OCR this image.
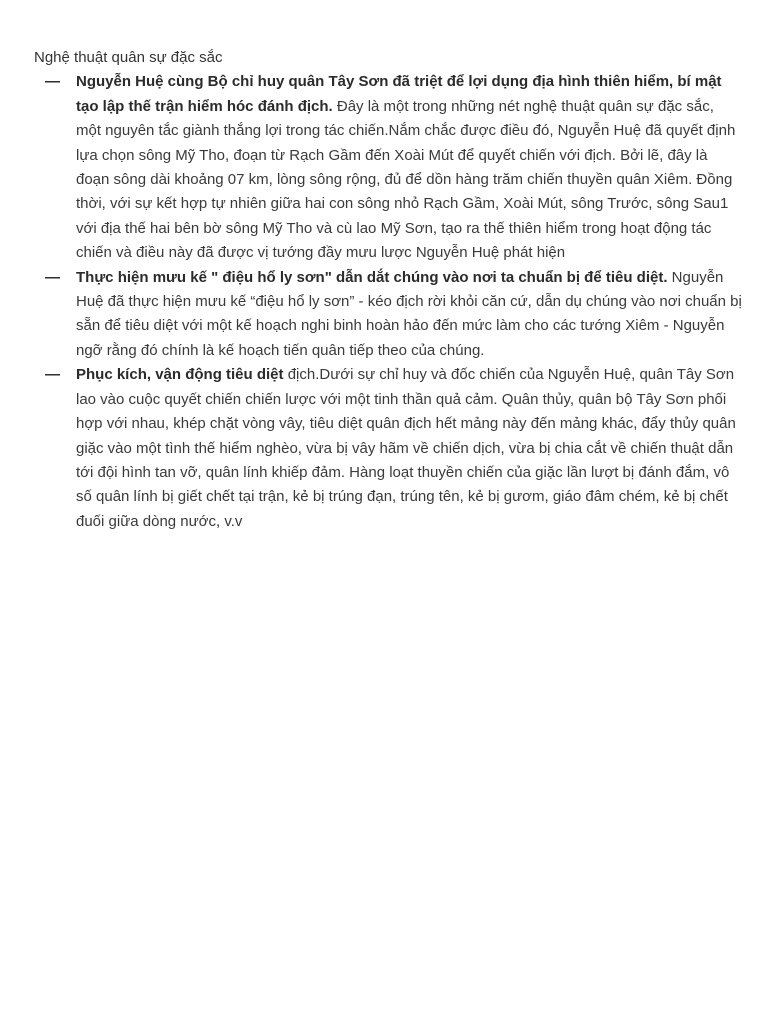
Nghệ thuật quân sự đặc sắc

— Nguyễn Huệ cùng Bộ chỉ huy quân Tây Sơn đã triệt để lợi dụng địa hình thiên hiểm, bí mật tạo lập thế trận hiểm hóc đánh địch. Đây là một trong những nét nghệ thuật quân sự đặc sắc, một nguyên tắc giành thắng lợi trong tác chiến.Nắm chắc được điều đó, Nguyễn Huệ đã quyết định lựa chọn sông Mỹ Tho, đoạn từ Rạch Gầm đến Xoài Mút để quyết chiến với địch. Bởi lẽ, đây là đoạn sông dài khoảng 07 km, lòng sông rộng, đủ để dồn hàng trăm chiến thuyền quân Xiêm. Đồng thời, với sự kết hợp tự nhiên giữa hai con sông nhỏ Rạch Gầm, Xoài Mút, sông Trước, sông Sau1 với địa thế hai bên bờ sông Mỹ Tho và cù lao Mỹ Sơn, tạo ra thế thiên hiểm trong hoạt động tác chiến và điều này đã được vị tướng đầy mưu lược Nguyễn Huệ phát hiện
— Thực hiện mưu kế " điệu hổ ly sơn" dẫn dắt chúng vào nơi ta chuẩn bị để tiêu diệt. Nguyễn Huệ đã thực hiện mưu kế “điệu hổ ly sơn” - kéo địch rời khỏi căn cứ, dẫn dụ chúng vào nơi chuẩn bị sẵn để tiêu diệt với một kế hoạch nghi binh hoàn hảo đến mức làm cho các tướng Xiêm - Nguyễn ngỡ rằng đó chính là kế hoạch tiến quân tiếp theo của chúng.
— Phục kích, vận động tiêu diệt địch.Dưới sự chỉ huy và đốc chiến của Nguyễn Huệ, quân Tây Sơn lao vào cuộc quyết chiến chiến lược với một tinh thần quả cảm. Quân thủy, quân bộ Tây Sơn phối hợp với nhau, khép chặt vòng vây, tiêu diệt quân địch hết mảng này đến mảng khác, đẩy thủy quân giặc vào một tình thế hiểm nghèo, vừa bị vây hãm về chiến dịch, vừa bị chia cắt về chiến thuật dẫn tới đội hình tan vỡ, quân lính khiếp đảm. Hàng loạt thuyền chiến của giặc lần lượt bị đánh đắm, vô số quân lính bị giết chết tại trận, kẻ bị trúng đạn, trúng tên, kẻ bị gươm, giáo đâm chém, kẻ bị chết đuối giữa dòng nước, v.v
